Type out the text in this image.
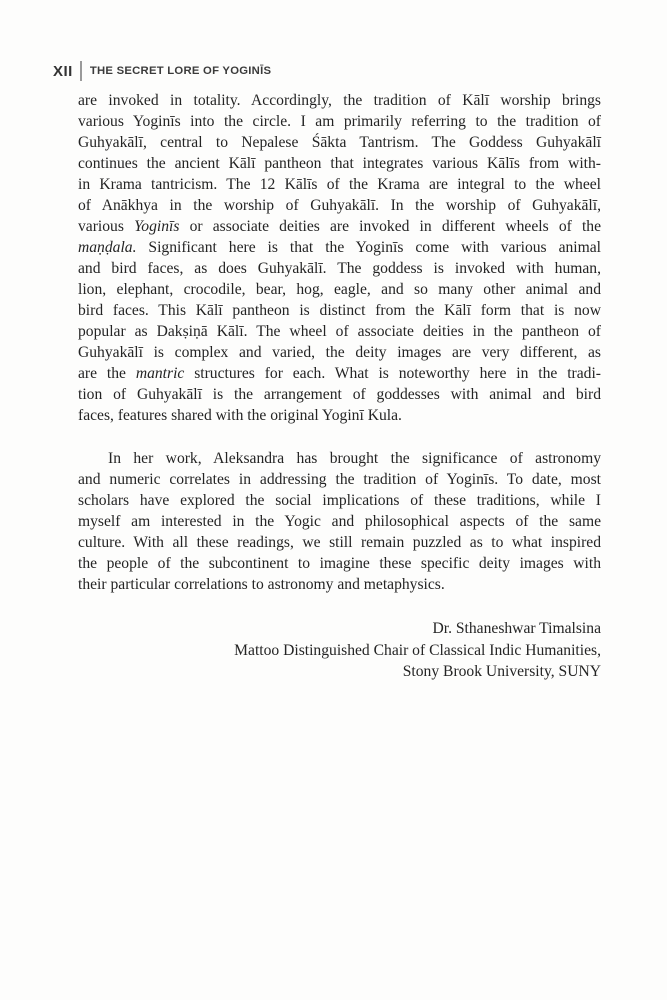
XII THE SECRET LORE OF YOGINĪS
are invoked in totality. Accordingly, the tradition of Kālī worship brings
various Yoginīs into the circle. I am primarily referring to the tradition of
Guhyakālī, central to Nepalese Śākta Tantrism. The Goddess Guhyakālī
continues the ancient Kālī pantheon that integrates various Kālīs from with-
in Krama tantricism. The 12 Kālīs of the Krama are integral to the wheel
of Anākhya in the worship of Guhyakālī. In the worship of Guhyakālī,
various Yoginīs or associate deities are invoked in different wheels of the
maṇḍala. Significant here is that the Yoginīs come with various animal
and bird faces, as does Guhyakālī. The goddess is invoked with human,
lion, elephant, crocodile, bear, hog, eagle, and so many other animal and
bird faces. This Kālī pantheon is distinct from the Kālī form that is now
popular as Dakṣiṇā Kālī. The wheel of associate deities in the pantheon of
Guhyakālī is complex and varied, the deity images are very different, as
are the mantric structures for each. What is noteworthy here in the tradi-
tion of Guhyakālī is the arrangement of goddesses with animal and bird
faces, features shared with the original Yoginī Kula.
In her work, Aleksandra has brought the significance of astronomy
and numeric correlates in addressing the tradition of Yoginīs. To date, most
scholars have explored the social implications of these traditions, while I
myself am interested in the Yogic and philosophical aspects of the same
culture. With all these readings, we still remain puzzled as to what inspired
the people of the subcontinent to imagine these specific deity images with
their particular correlations to astronomy and metaphysics.
Dr. Sthaneshwar Timalsina
Mattoo Distinguished Chair of Classical Indic Humanities,
Stony Brook University, SUNY
